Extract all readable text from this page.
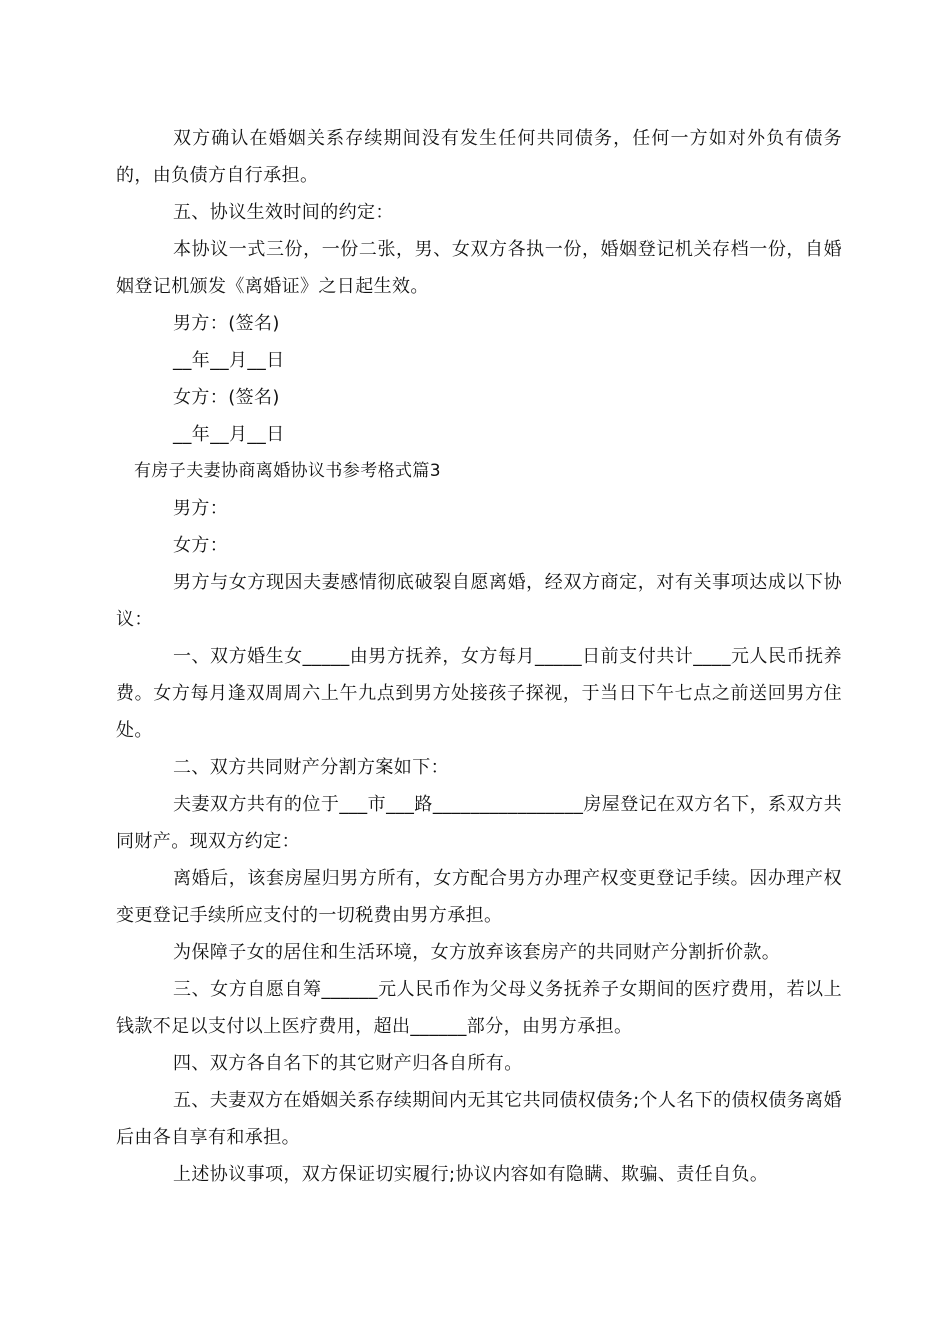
双方确认在婚姻关系存续期间没有发生任何共同债务，任何一方如对外负有债务的，由负债方自行承担。

五、协议生效时间的约定：

本协议一式三份，一份二张，男、女双方各执一份，婚姻登记机关存档一份，自婚姻登记机颁发《离婚证》之日起生效。

男方：(签名)

__年__月__日

女方：(签名)

__年__月__日

有房子夫妻协商离婚协议书参考格式篇3

男方：

女方：

男方与女方现因夫妻感情彻底破裂自愿离婚，经双方商定，对有关事项达成以下协议：

一、双方婚生女_____由男方抚养，女方每月_____日前支付共计____元人民币抚养费。女方每月逢双周周六上午九点到男方处接孩子探视，于当日下午七点之前送回男方住处。

二、双方共同财产分割方案如下：

夫妻双方共有的位于___市___路________________房屋登记在双方名下，系双方共同财产。现双方约定：

离婚后，该套房屋归男方所有，女方配合男方办理产权变更登记手续。因办理产权变更登记手续所应支付的一切税费由男方承担。

为保障子女的居住和生活环境，女方放弃该套房产的共同财产分割折价款。

三、女方自愿自筹______元人民币作为父母义务抚养子女期间的医疗费用，若以上钱款不足以支付以上医疗费用，超出______部分，由男方承担。

四、双方各自名下的其它财产归各自所有。

五、夫妻双方在婚姻关系存续期间内无其它共同债权债务;个人名下的债权债务离婚后由各自享有和承担。

上述协议事项，双方保证切实履行;协议内容如有隐瞒、欺骗、责任自负。
